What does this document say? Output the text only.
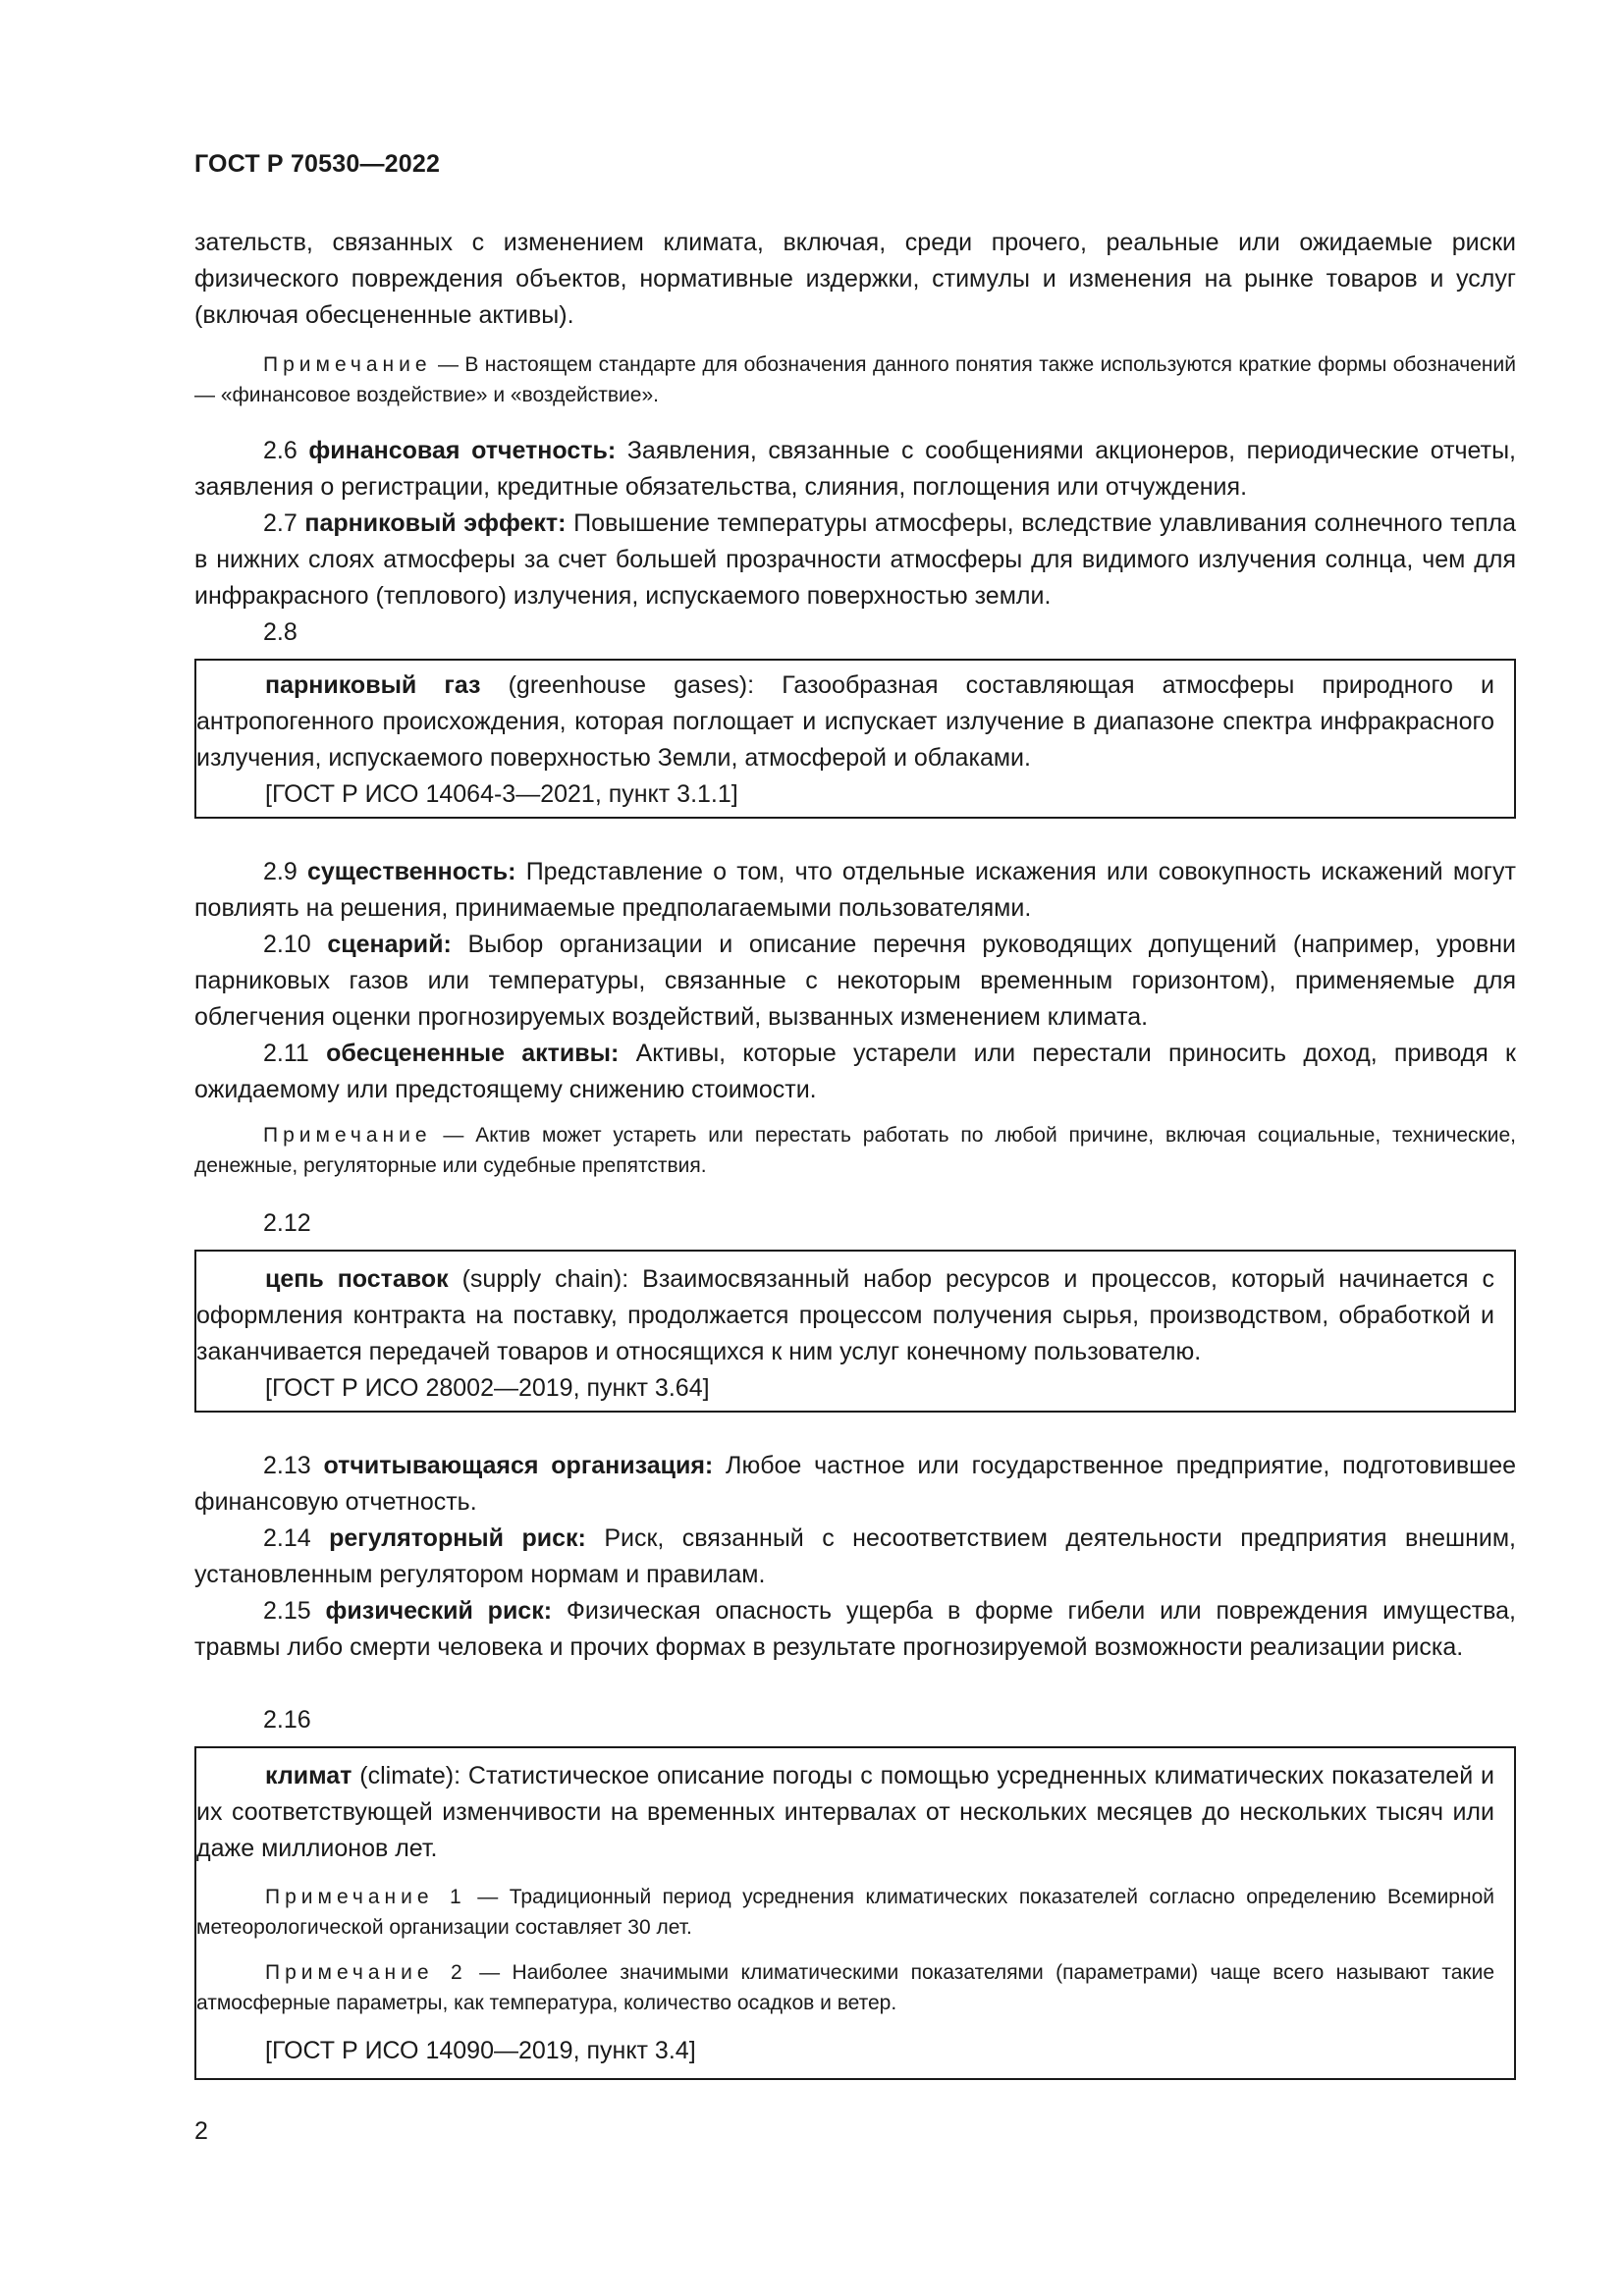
ГОСТ Р 70530—2022
зательств, связанных с изменением климата, включая, среди прочего, реальные или ожидаемые риски физического повреждения объектов, нормативные издержки, стимулы и изменения на рынке товаров и услуг (включая обесцененные активы).
Примечание — В настоящем стандарте для обозначения данного понятия также используются краткие формы обозначений — «финансовое воздействие» и «воздействие».
2.6 финансовая отчетность: Заявления, связанные с сообщениями акционеров, периодические отчеты, заявления о регистрации, кредитные обязательства, слияния, поглощения или отчуждения.
2.7 парниковый эффект: Повышение температуры атмосферы, вследствие улавливания солнечного тепла в нижних слоях атмосферы за счет большей прозрачности атмосферы для видимого излучения солнца, чем для инфракрасного (теплового) излучения, испускаемого поверхностью земли.
2.8
парниковый газ (greenhouse gases): Газообразная составляющая атмосферы природного и антропогенного происхождения, которая поглощает и испускает излучение в диапазоне спектра инфракрасного излучения, испускаемого поверхностью Земли, атмосферой и облаками.
[ГОСТ Р ИСО 14064-3—2021, пункт 3.1.1]
2.9 существенность: Представление о том, что отдельные искажения или совокупность искажений могут повлиять на решения, принимаемые предполагаемыми пользователями.
2.10 сценарий: Выбор организации и описание перечня руководящих допущений (например, уровни парниковых газов или температуры, связанные с некоторым временным горизонтом), применяемые для облегчения оценки прогнозируемых воздействий, вызванных изменением климата.
2.11 обесцененные активы: Активы, которые устарели или перестали приносить доход, приводя к ожидаемому или предстоящему снижению стоимости.
Примечание — Актив может устареть или перестать работать по любой причине, включая социальные, технические, денежные, регуляторные или судебные препятствия.
2.12
цепь поставок (supply chain): Взаимосвязанный набор ресурсов и процессов, который начинается с оформления контракта на поставку, продолжается процессом получения сырья, производством, обработкой и заканчивается передачей товаров и относящихся к ним услуг конечному пользователю.
[ГОСТ Р ИСО 28002—2019, пункт 3.64]
2.13 отчитывающаяся организация: Любое частное или государственное предприятие, подготовившее финансовую отчетность.
2.14 регуляторный риск: Риск, связанный с несоответствием деятельности предприятия внешним, установленным регулятором нормам и правилам.
2.15 физический риск: Физическая опасность ущерба в форме гибели или повреждения имущества, травмы либо смерти человека и прочих формах в результате прогнозируемой возможности реализации риска.
2.16
климат (climate): Статистическое описание погоды с помощью усредненных климатических показателей и их соответствующей изменчивости на временных интервалах от нескольких месяцев до нескольких тысяч или даже миллионов лет.
Примечание 1 — Традиционный период усреднения климатических показателей согласно определению Всемирной метеорологической организации составляет 30 лет.
Примечание 2 — Наиболее значимыми климатическими показателями (параметрами) чаще всего называют такие атмосферные параметры, как температура, количество осадков и ветер.
[ГОСТ Р ИСО 14090—2019, пункт 3.4]
2
